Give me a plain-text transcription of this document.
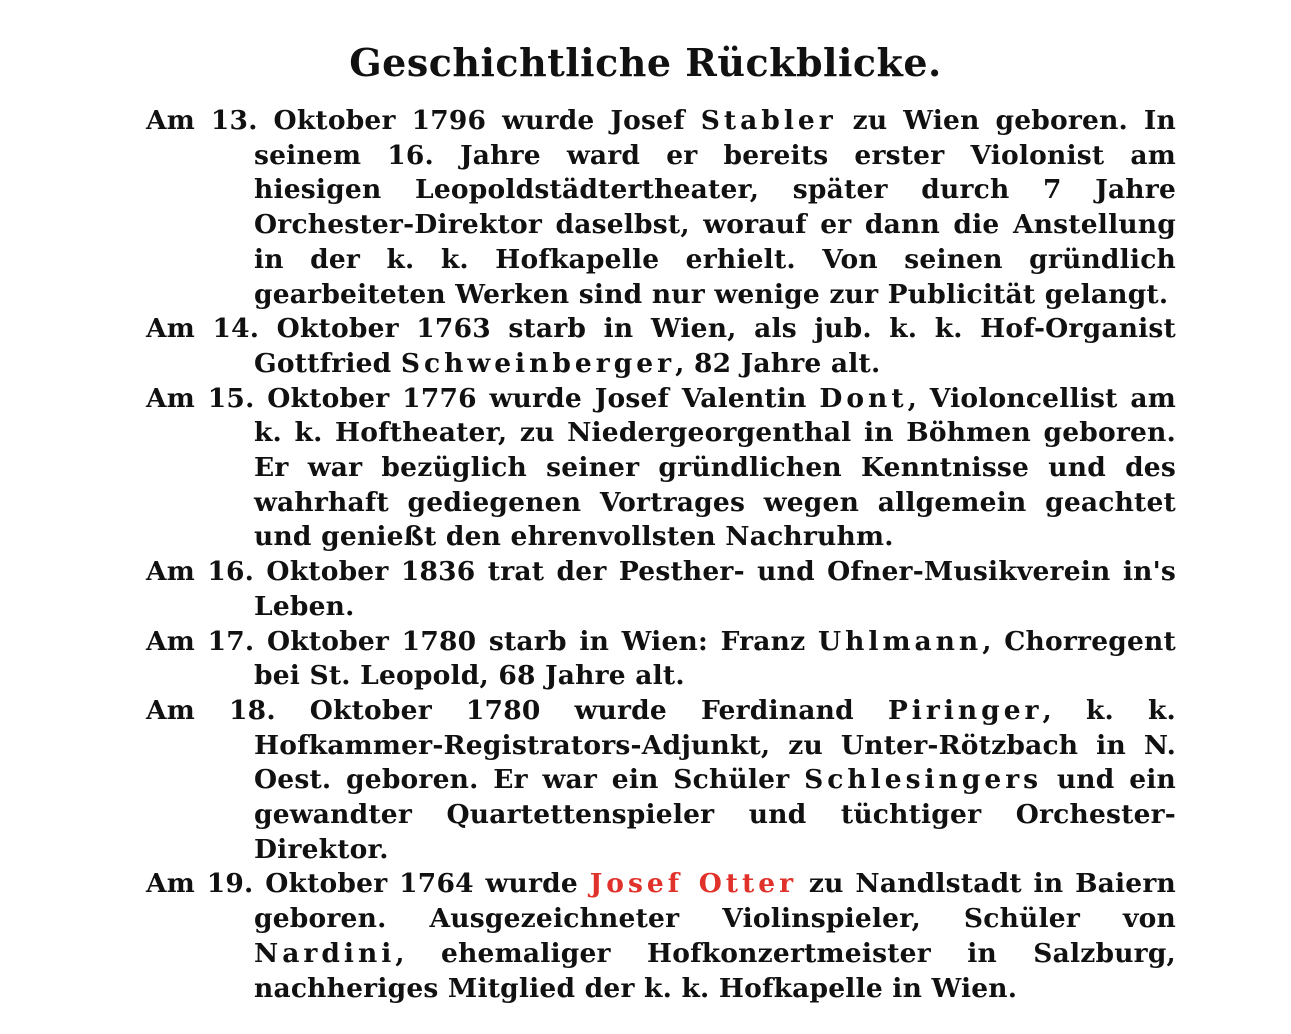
Geschichtliche Rückblicke.

Am 13. Oktober 1796 wurde Josef Stabler zu Wien geboren. In seinem 16. Jahre ward er bereits erster Violonist am hiesigen Leopoldstädtertheater, später durch 7 Jahre Orchester-Direktor daselbst, worauf er dann die Anstellung in der k. k. Hofkapelle erhielt. Von seinen gründlich gearbeiteten Werken sind nur wenige zur Publicität gelangt.

Am 14. Oktober 1763 starb in Wien, als jub. k. k. Hof-Organist Gottfried Schweinberger, 82 Jahre alt.

Am 15. Oktober 1776 wurde Josef Valentin Dont, Violoncellist am k. k. Hoftheater, zu Niedergeorgenthal in Böhmen geboren. Er war bezüglich seiner gründlichen Kenntnisse und des wahrhaft gediegenen Vortrages wegen allgemein geachtet und genießt den ehrenvollsten Nachruhm.

Am 16. Oktober 1836 trat der Pesther- und Ofner-Musikverein in's Leben.

Am 17. Oktober 1780 starb in Wien: Franz Uhlmann, Chorregent bei St. Leopold, 68 Jahre alt.

Am 18. Oktober 1780 wurde Ferdinand Piringer, k. k. Hofkammer-Registrators-Adjunkt, zu Unter-Rötzbach in N. Oest. geboren. Er war ein Schüler Schlesingers und ein gewandter Quartettenspieler und tüchtiger Orchester-Direktor.

Am 19. Oktober 1764 wurde Josef Otter zu Nandlstadt in Baiern geboren. Ausgezeichneter Violinspieler, Schüler von Nardini, ehemaliger Hofkonzertmeister in Salzburg, nachheriges Mitglied der k. k. Hofkapelle in Wien.
